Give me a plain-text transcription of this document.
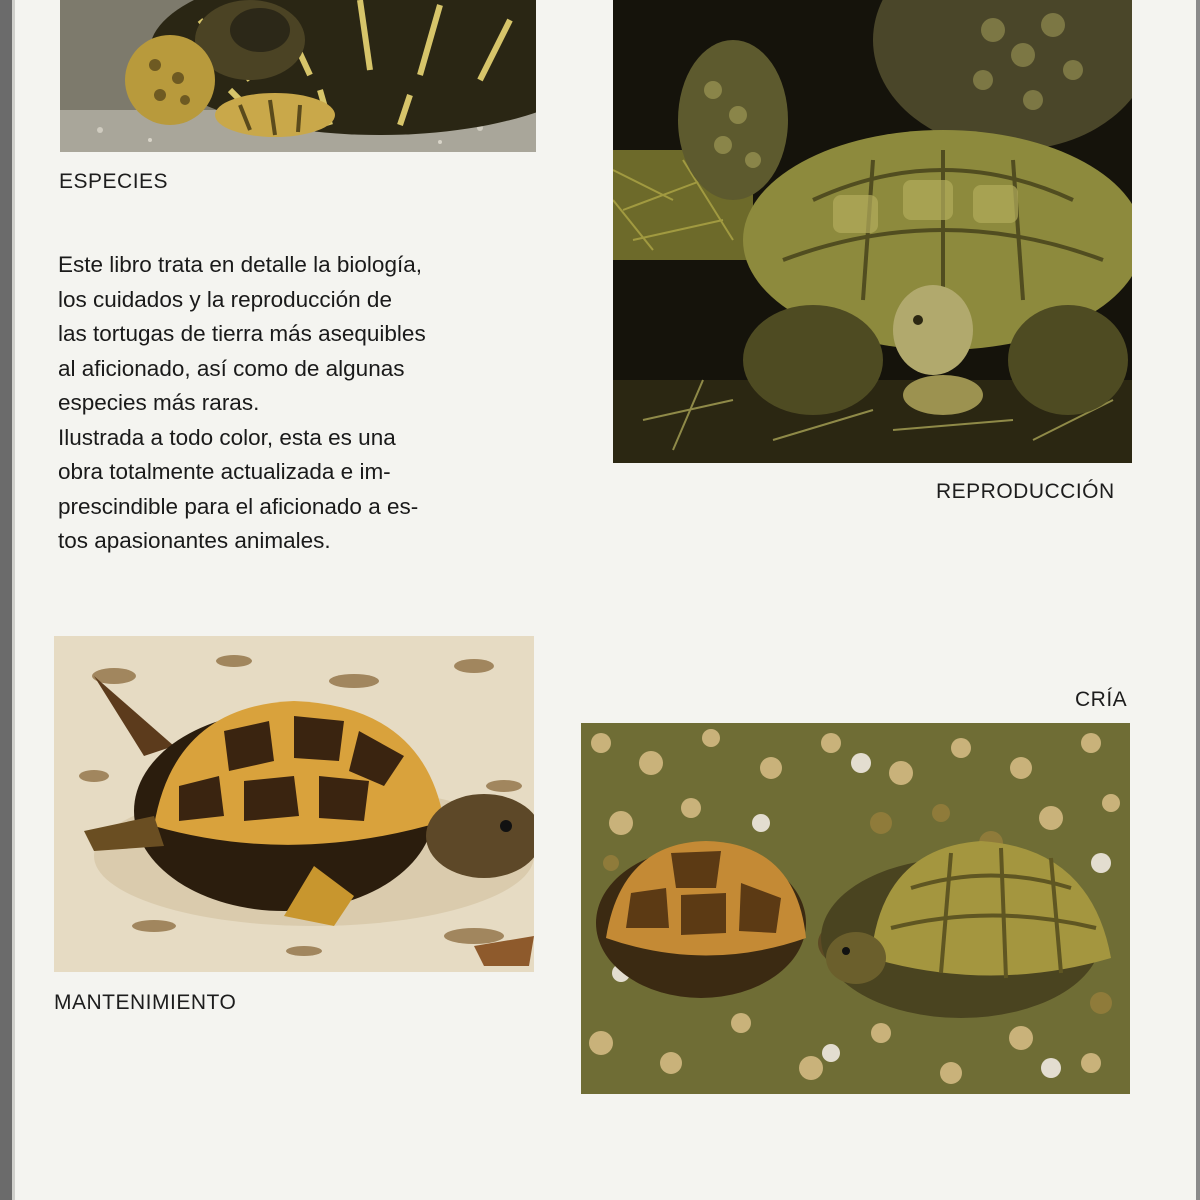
ESPECIES
REPRODUCCIÓN

Este libro trata en detalle la biología,
los cuidados y la reproducción de
las tortugas de tierra más asequibles
al aficionado, así como de algunas
especies más raras.

Ilustrada a todo color, esta es una
obra totalmente actualizada e im-
prescindible para el aficionado a es-
tos apasionantes animales.

MANTENIMIENTO
CRÍA
